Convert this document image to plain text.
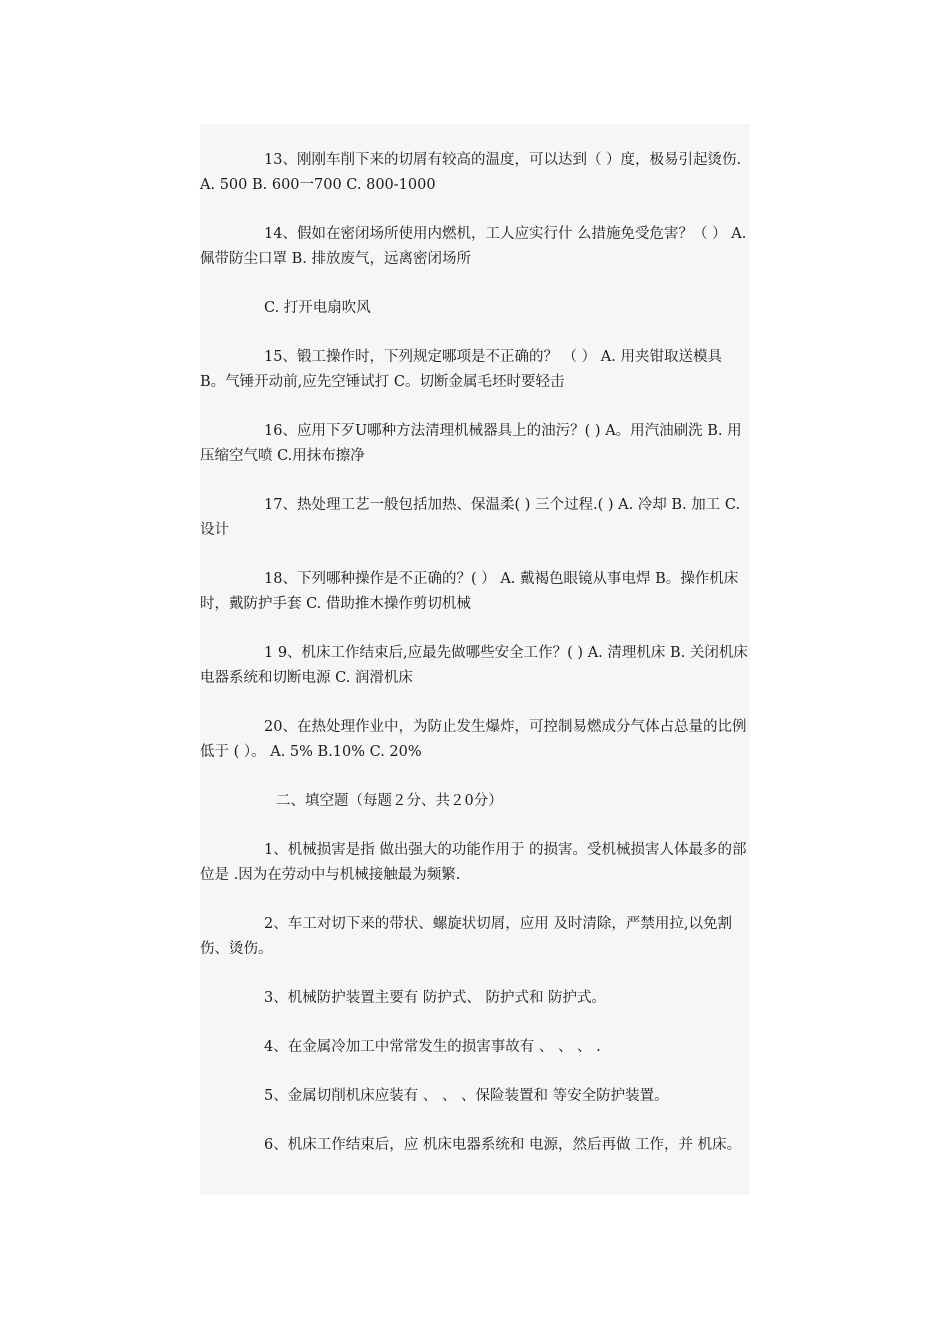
13、刚刚车削下来的切屑有较高的温度，可以达到（ ）度，极易引起烫伤. A. 500 B. 600一700 C. 800-1000

14、假如在密闭场所使用内燃机，工人应实行什 么措施免受危害？（ ） A. 佩带防尘口罩 B. 排放废气，远离密闭场所

C. 打开电扇吹风

15、锻工操作时，下列规定哪项是不正确的？ （ ） A. 用夹钳取送模具 B。气锤开动前,应先空锤试打 C。切断金属毛坯时要轻击

16、应用下歹U哪种方法清理机械器具上的油污？( ) A。用汽油刷洗 B. 用压缩空气喷 C.用抹布擦净

17、热处理工艺一般包括加热、保温柔( ) 三个过程.( ) A. 冷却 B. 加工 C.设计

18、下列哪种操作是不正确的？( ） A. 戴褐色眼镜从事电焊 B。操作机床时，戴防护手套 C. 借助推木操作剪切机械

1 9、机床工作结束后,应最先做哪些安全工作？( ) A. 清理机床 B. 关闭机床电器系统和切断电源 C. 润滑机床

20、在热处理作业中，为防止发生爆炸，可控制易燃成分气体占总量的比例低于 ( ）。 A. 5% B.10% C. 20%

二、填空题（每题２分、共２0分）

1、机械损害是指 做出强大的功能作用于 的损害。受机械损害人体最多的部位是 .因为在劳动中与机械接触最为频繁.

2、车工对切下来的带状、螺旋状切屑，应用 及时清除，严禁用拉,以免割伤、烫伤。

3、机械防护装置主要有 防护式、 防护式和 防护式。

4、在金属冷加工中常常发生的损害事故有 、 、 、 .

5、金属切削机床应装有 、 、 、保险装置和 等安全防护装置。

6、机床工作结束后，应 机床电器系统和 电源，然后再做 工作，并 机床。
